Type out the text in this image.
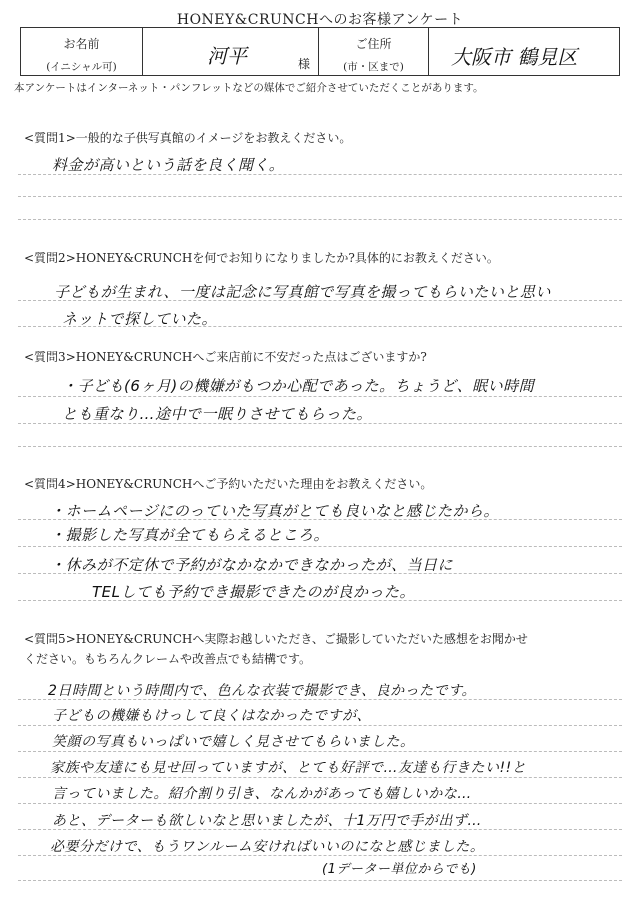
HONEY&CRUNCHへのお客様アンケート
お名前
(イニシャル可)	河平	様
ご住所
(市・区まで)	大阪市 鶴見区
本アンケートはインターネット・パンフレットなどの媒体でご紹介させていただくことがあります。
<質問1>一般的な子供写真館のイメージをお教えください。
料金が高いという話を良く聞く。
<質問2>HONEY&CRUNCHを何でお知りになりましたか?具体的にお教えください。
子どもが生まれ、一度は記念に写真館で写真を撮ってもらいたいと思い
ネットで探していた。
<質問3>HONEY&CRUNCHへご来店前に不安だった点はございますか?
・子ども(6ヶ月)の機嫌がもつか心配であった。ちょうど、眠い時間
とも重なり…途中で一眠りさせてもらった。
<質問4>HONEY&CRUNCHへご予約いただいた理由をお教えください。
・ホームページにのっていた写真がとても良いなと感じたから。
・撮影した写真が全てもらえるところ。
・休みが不定休で予約がなかなかできなかったが、当日に
TELしても予約でき撮影できたのが良かった。
<質問5>HONEY&CRUNCHへ実際お越しいただき、ご撮影していただいた感想をお聞かせ
ください。もちろんクレームや改善点でも結構です。
2日時間という時間内で、色んな衣装で撮影でき、良かったです。
子どもの機嫌もけっして良くはなかったですが、
笑顔の写真もいっぱいで嬉しく見させてもらいました。
家族や友達にも見せ回っていますが、とても好評で…友達も行きたい!!と
言っていました。紹介割り引き、なんかがあっても嬉しいかな…
あと、データーも欲しいなと思いましたが、十1万円で手が出ず…
必要分だけで、もうワンルーム安ければいいのになと感じました。
(1データー単位からでも)
